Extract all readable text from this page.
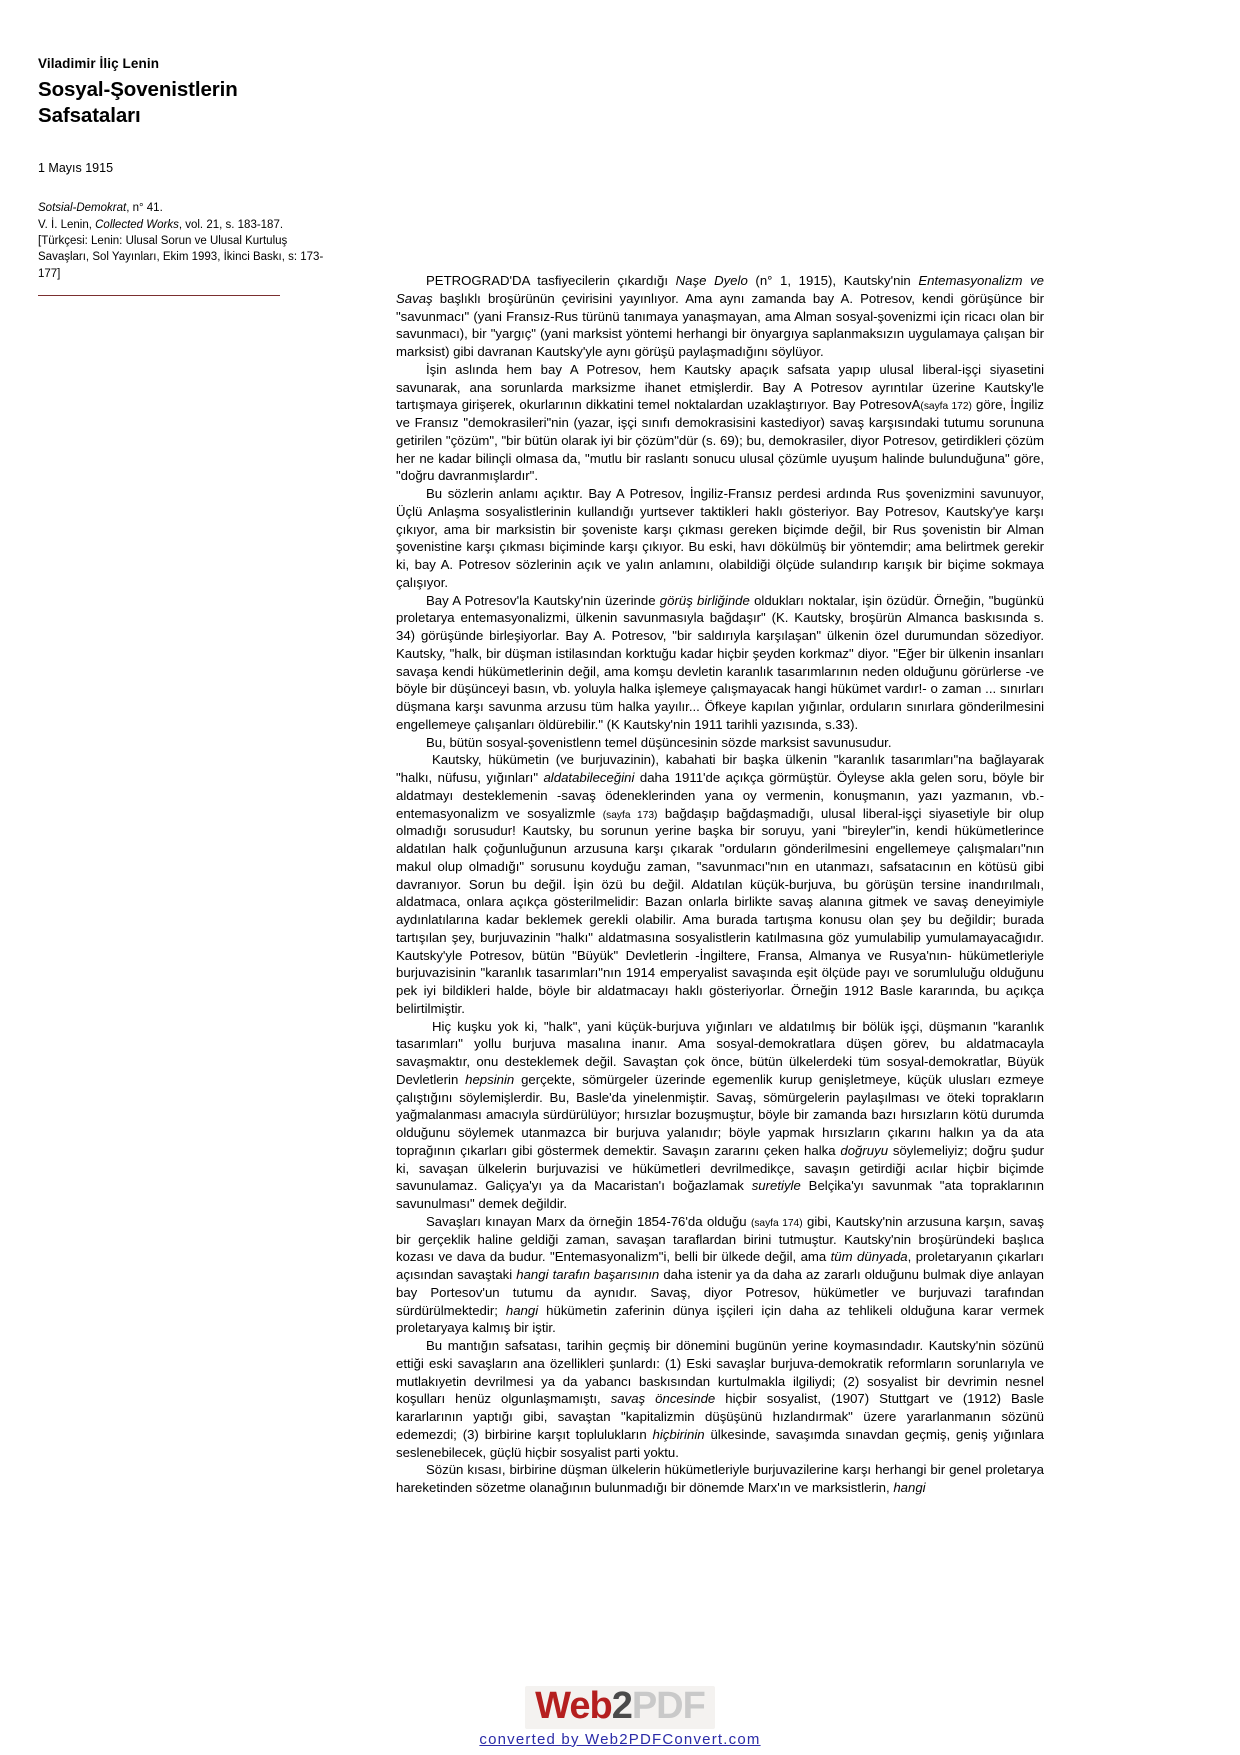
Viladimir İliç Lenin
Sosyal-Şovenistlerin
Safsataları

1 Mayıs 1915

Sotsial-Demokrat, n° 41.
V. İ. Lenin, Collected Works, vol. 21, s. 183-187.
[Türkçesi: Lenin: Ulusal Sorun ve Ulusal Kurtuluş Savaşları, Sol Yayınları, Ekim 1993, İkinci Baskı, s: 173-177]	PETROGRAD'DA tasfiyecilerin çıkardığı Naşe Dyelo (n° 1, 1915), Kautsky'nin Entemasyonalizm ve Savaş başlıklı broşürünün çevirisini yayınlıyor. Ama aynı zamanda bay A. Potresov, kendi görüşünce bir "savunmacı" (yani Fransız-Rus türünü tanımaya yanaşmayan, ama Alman sosyal-şovenizmi için ricacı olan bir savunmacı), bir "yargıç" (yani marksist yöntemi herhangi bir önyargıya saplanmaksızın uygulamaya çalışan bir marksist) gibi davranan Kautsky'yle aynı görüşü paylaşmadığını söylüyor.

İşin aslında hem bay A Potresov, hem Kautsky apaçık safsata yapıp ulusal liberal-işçi siyasetini savunarak, ana sorunlarda marksizme ihanet etmişlerdir. Bay A Potresov ayrıntılar üzerine Kautsky'le tartışmaya girişerek, okurlarının dikkatini temel noktalardan uzaklaştırıyor. Bay PotresovA(sayfa 172) göre, İngiliz ve Fransız "demokrasileri"nin (yazar, işçi sınıfı demokrasisini kastediyor) savaş karşısındaki tutumu sorununa getirilen "çözüm", "bir bütün olarak iyi bir çözüm"dür (s. 69); bu, demokrasiler, diyor Potresov, getirdikleri çözüm her ne kadar bilinçli olmasa da, "mutlu bir raslantı sonucu ulusal çözümle uyuşum halinde bulunduğuna" göre, "doğru davranmışlardır".

Bu sözlerin anlamı açıktır. Bay A Potresov, İngiliz-Fransız perdesi ardında Rus şovenizmini savunuyor, Üçlü Anlaşma sosyalistlerinin kullandığı yurtsever taktikleri haklı gösteriyor. Bay Potresov, Kautsky'ye karşı çıkıyor, ama bir marksistin bir şoveniste karşı çıkması gereken biçimde değil, bir Rus şovenistin bir Alman şovenistine karşı çıkması biçiminde karşı çıkıyor. Bu eski, havı dökülmüş bir yöntemdir; ama belirtmek gerekir ki, bay A. Potresov sözlerinin açık ve yalın anlamını, olabildiği ölçüde sulandırıp karışık bir biçime sokmaya çalışıyor.

Bay A Potresov'la Kautsky'nin üzerinde görüş birliğinde oldukları noktalar, işin özüdür. Örneğin, "bugünkü proletarya entemasyonalizmi, ülkenin savunmasıyla bağdaşır" (K. Kautsky, broşürün Almanca baskısında s. 34) görüşünde birleşiyorlar. Bay A. Potresov, "bir saldırıyla karşılaşan" ülkenin özel durumundan sözediyor. Kautsky, "halk, bir düşman istilasından korktuğu kadar hiçbir şeyden korkmaz" diyor. "Eğer bir ülkenin insanları savaşa kendi hükümetlerinin değil, ama komşu devletin karanlık tasarımlarının neden olduğunu görürlerse -ve böyle bir düşünceyi basın, vb. yoluyla halka işlemeye çalışmayacak hangi hükümet vardır!- o zaman ... sınırları düşmana karşı savunma arzusu tüm halka yayılır... Öfkeye kapılan yığınlar, orduların sınırlara gönderilmesini engellemeye çalışanları öldürebilir." (K Kautsky'nin 1911 tarihli yazısında, s.33).

Bu, bütün sosyal-şovenistlenn temel düşüncesinin sözde marksist savunusudur.

Kautsky, hükümetin (ve burjuvazinin), kabahati bir başka ülkenin "karanlık tasarımları"na bağlayarak "halkı, nüfusu, yığınları" aldatabileceğini daha 1911'de açıkça görmüştür. Öyleyse akla gelen soru, böyle bir aldatmayı desteklemenin -savaş ödeneklerinden yana oy vermenin, konuşmanın, yazı yazmanın, vb.- entemasyonalizm ve sosyalizmle (sayfa 173) bağdaşıp bağdaşmadığı, ulusal liberal-işçi siyasetiyle bir olup olmadığı sorusudur! Kautsky, bu sorunun yerine başka bir soruyu, yani "bireyler"in, kendi hükümetlerince aldatılan halk çoğunluğunun arzusuna karşı çıkarak "orduların gönderilmesini engellemeye çalışmaları"nın makul olup olmadığı" sorusunu koyduğu zaman, "savunmacı"nın en utanmazı, safsatacının en kötüsü gibi davranıyor. Sorun bu değil. İşin özü bu değil. Aldatılan küçük-burjuva, bu görüşün tersine inandırılmalı, aldatmaca, onlara açıkça gösterilmelidir: Bazan onlarla birlikte savaş alanına gitmek ve savaş deneyimiyle aydınlatılarına kadar beklemek gerekli olabilir. Ama burada tartışma konusu olan şey bu değildir; burada tartışılan şey, burjuvazinin "halkı" aldatmasına sosyalistlerin katılmasına göz yumulabilip yumulamayacağıdır. Kautsky'yle Potresov, bütün "Büyük" Devletlerin -İngiltere, Fransa, Almanya ve Rusya'nın- hükümetleriyle burjuvazisinin "karanlık tasarımları"nın 1914 emperyalist savaşında eşit ölçüde payı ve sorumluluğu olduğunu pek iyi bildikleri halde, böyle bir aldatmacayı haklı gösteriyorlar. Örneğin 1912 Basle kararında, bu açıkça belirtilmiştir.

Hiç kuşku yok ki, "halk", yani küçük-burjuva yığınları ve aldatılmış bir bölük işçi, düşmanın "karanlık tasarımları" yollu burjuva masalına inanır. Ama sosyal-demokratlara düşen görev, bu aldatmacayla savaşmaktır, onu desteklemek değil. Savaştan çok önce, bütün ülkelerdeki tüm sosyal-demokratlar, Büyük Devletlerin hepsinin gerçekte, sömürgeler üzerinde egemenlik kurup genişletmeye, küçük ulusları ezmeye çalıştığını söylemişlerdir. Bu, Basle'da yinelenmiştir. Savaş, sömürgelerin paylaşılması ve öteki toprakların yağmalanması amacıyla sürdürülüyor; hırsızlar bozuşmuştur, böyle bir zamanda bazı hırsızların kötü durumda olduğunu söylemek utanmazca bir burjuva yalanıdır; böyle yapmak hırsızların çıkarını halkın ya da ata toprağının çıkarları gibi göstermek demektir. Savaşın zararını çeken halka doğruyu söylemeliyiz; doğru şudur ki, savaşan ülkelerin burjuvazisi ve hükümetleri devrilmedikçe, savaşın getirdiği acılar hiçbir biçimde savunulamaz. Galiçya'yı ya da Macaristan'ı boğazlamak suretiyle Belçika'yı savunmak "ata topraklarının savunulması" demek değildir.

Savaşları kınayan Marx da örneğin 1854-76'da olduğu (sayfa 174) gibi, Kautsky'nin arzusuna karşın, savaş bir gerçeklik haline geldiği zaman, savaşan taraflardan birini tutmuştur. Kautsky'nin broşüründeki başlıca kozası ve dava da budur. "Entemasyonalizm"i, belli bir ülkede değil, ama tüm dünyada, proletaryanın çıkarları açısından savaştaki hangi tarafın başarısının daha istenir ya da daha az zararlı olduğunu bulmak diye anlayan bay Portesov'un tutumu da aynıdır. Savaş, diyor Potresov, hükümetler ve burjuvazi tarafından sürdürülmektedir; hangi hükümetin zaferinin dünya işçileri için daha az tehlikeli olduğuna karar vermek proletaryaya kalmış bir iştir.

Bu mantığın safsatası, tarihin geçmiş bir dönemini bugünün yerine koymasındadır. Kautsky'nin sözünü ettiği eski savaşların ana özellikleri şunlardı: (1) Eski savaşlar burjuva-demokratik reformların sorunlarıyla ve mutlakıyetin devrilmesi ya da yabancı baskısından kurtulmakla ilgiliydi; (2) sosyalist bir devrimin nesnel koşulları henüz olgunlaşmamıştı, savaş öncesinde hiçbir sosyalist, (1907) Stuttgart ve (1912) Basle kararlarının yaptığı gibi, savaştan "kapitalizmin düşüşünü hızlandırmak" üzere yararlanmanın sözünü edemezdi; (3) birbirine karşıt toplulukların hiçbirinin ülkesinde, savaşımda sınavdan geçmiş, geniş yığınlara seslenebilecek, güçlü hiçbir sosyalist parti yoktu.

Sözün kısası, birbirine düşman ülkelerin hükümetleriyle burjuvazilerine karşı herhangi bir genel proletarya hareketinden sözetme olanağının bulunmadığı bir dönemde Marx'ın ve marksistlerin, hangi

Web2PDF
converted by Web2PDFConvert.com
